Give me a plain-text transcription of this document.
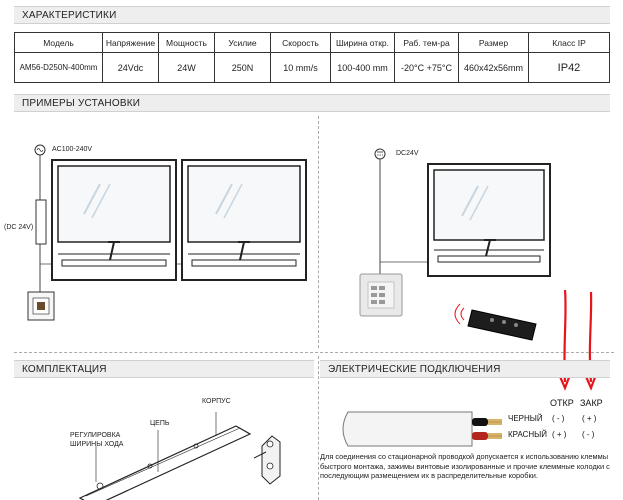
ХАРАКТЕРИСТИКИ
Модель	Напряжение	Мощность	Усилие	Скорость	Ширина откр.	Раб. тем-ра	Размер	Класс IP
AM56-D250N-400mm	24Vdc	24W	250N	10 mm/s	100-400 mm	-20°C +75°C	460x42x56mm	IP42
ПРИМЕРЫ УСТАНОВКИ
AC100-240V
(DC 24V)
DC24V
КОМПЛЕКТАЦИЯ
КОРПУС
ЦЕПЬ
РЕГУЛИРОВКА
ШИРИНЫ ХОДА
ЭЛЕКТРИЧЕСКИЕ ПОДКЛЮЧЕНИЯ
ОТКР ЗАКР
ЧЕРНЫЙ ( - ) ( + )
КРАСНЫЙ ( + ) ( - )
Для соединения со стационарной проводкой допускается к использованию клеммы быстрого монтажа, зажимы винтовые изолированные и прочие клеммные колодки с последующим размещением их в распределительные коробки.
